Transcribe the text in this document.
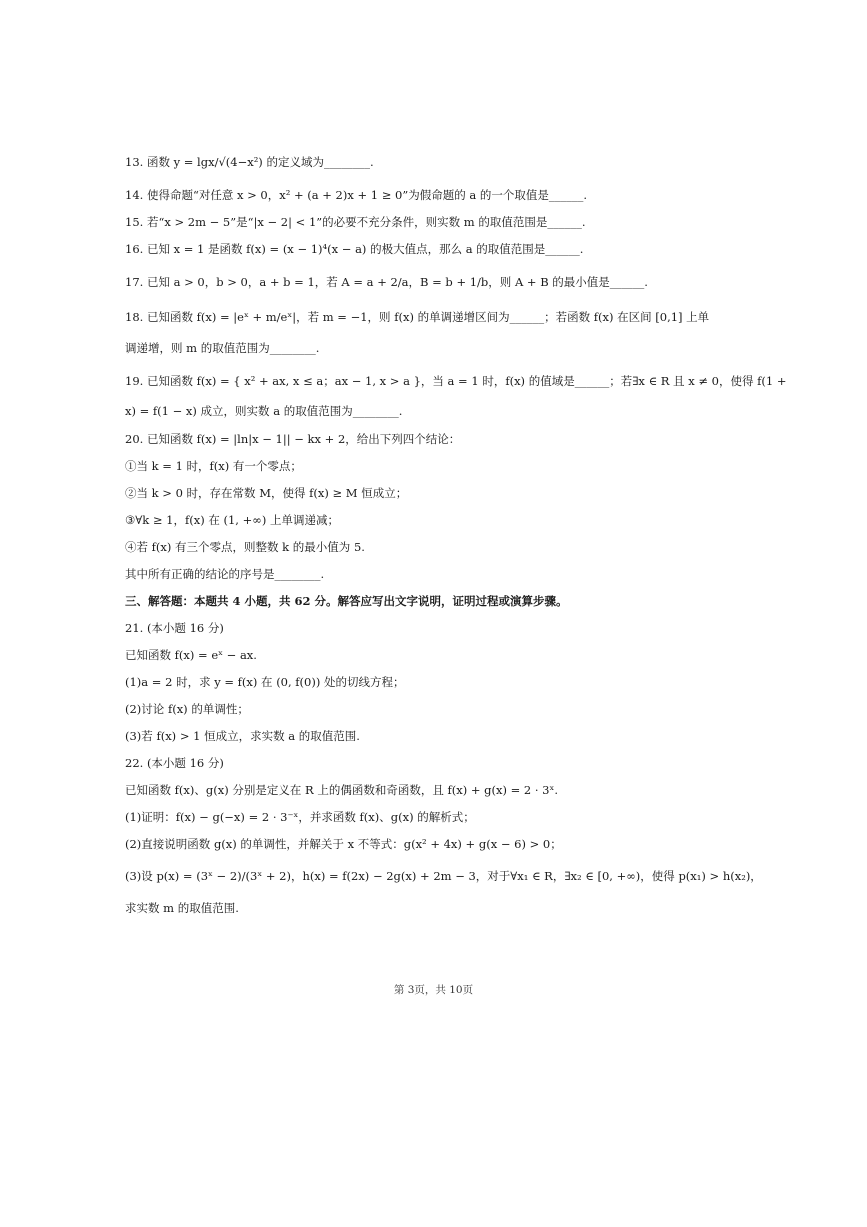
13. 函数 y = lgx/√(4−x²) 的定义域为________.
14. 使得命题“对任意 x > 0，x² + (a + 2)x + 1 ≥ 0”为假命题的 a 的一个取值是______.
15. 若“x > 2m − 5”是“|x − 2| < 1”的必要不充分条件，则实数 m 的取值范围是______.
16. 已知 x = 1 是函数 f(x) = (x − 1)⁴(x − a) 的极大值点，那么 a 的取值范围是______.
17. 已知 a > 0，b > 0，a + b = 1，若 A = a + 2/a，B = b + 1/b，则 A + B 的最小值是______.
18. 已知函数 f(x) = |eˣ + m/eˣ|，若 m = −1，则 f(x) 的单调递增区间为______；若函数 f(x) 在区间 [0,1] 上单
调递增，则 m 的取值范围为________.
19. 已知函数 f(x) = { x² + ax, x ≤ a；ax − 1, x > a }，当 a = 1 时，f(x) 的值域是______；若∃x ∈ R 且 x ≠ 0，使得 f(1 +
x) = f(1 − x) 成立，则实数 a 的取值范围为________.
20. 已知函数 f(x) = |ln|x − 1|| − kx + 2，给出下列四个结论：
①当 k = 1 时，f(x) 有一个零点；
②当 k > 0 时，存在常数 M，使得 f(x) ≥ M 恒成立；
③∀k ≥ 1，f(x) 在 (1, +∞) 上单调递减；
④若 f(x) 有三个零点，则整数 k 的最小值为 5.
其中所有正确的结论的序号是________.
三、解答题：本题共 4 小题，共 62 分。解答应写出文字说明，证明过程或演算步骤。
21. (本小题 16 分)
已知函数 f(x) = eˣ − ax.
(1)a = 2 时，求 y = f(x) 在 (0, f(0)) 处的切线方程；
(2)讨论 f(x) 的单调性；
(3)若 f(x) > 1 恒成立，求实数 a 的取值范围.
22. (本小题 16 分)
已知函数 f(x)、g(x) 分别是定义在 R 上的偶函数和奇函数，且 f(x) + g(x) = 2 · 3ˣ.
(1)证明：f(x) − g(−x) = 2 · 3⁻ˣ，并求函数 f(x)、g(x) 的解析式；
(2)直接说明函数 g(x) 的单调性，并解关于 x 不等式：g(x² + 4x) + g(x − 6) > 0；
(3)设 p(x) = (3ˣ − 2)/(3ˣ + 2)，h(x) = f(2x) − 2g(x) + 2m − 3，对于∀x₁ ∈ R，∃x₂ ∈ [0, +∞)，使得 p(x₁) > h(x₂)，
求实数 m 的取值范围.
第 3页，共 10页
